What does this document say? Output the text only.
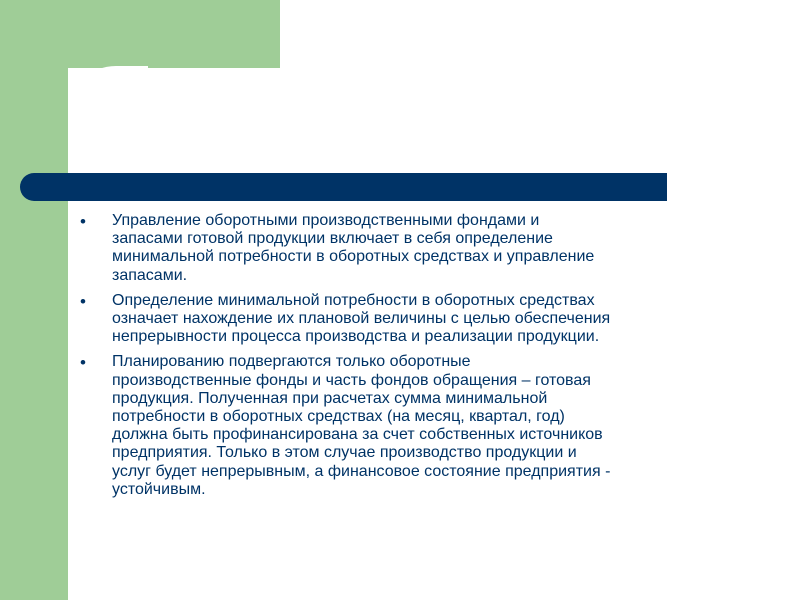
• Управление оборотными производственными фондами и
запасами готовой продукции включает в себя определение
минимальной потребности в оборотных средствах и управление
запасами.
• Определение минимальной потребности в оборотных средствах
означает нахождение их плановой величины с целью обеспечения
непрерывности процесса производства и реализации продукции.
• Планированию подвергаются только оборотные
производственные фонды и часть фондов обращения – готовая
продукция. Полученная при расчетах сумма минимальной
потребности в оборотных средствах (на месяц, квартал, год)
должна быть профинансирована за счет собственных источников
предприятия. Только в этом случае производство продукции и
услуг будет непрерывным, а финансовое состояние предприятия -
устойчивым.
